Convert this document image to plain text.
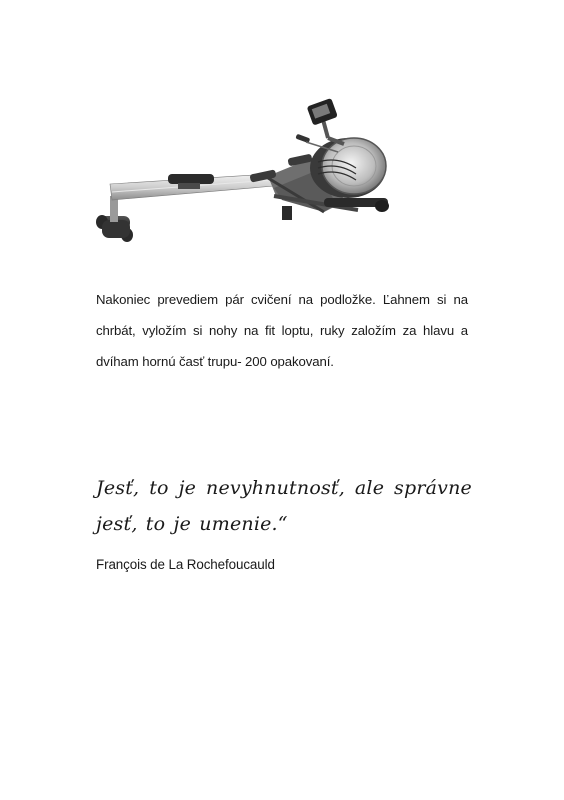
Nakoniec prevediem pár cvičení na podložke. Ľahnem si na chrbát, vyložím si nohy na fit loptu, ruky založím za hlavu a dvíham hornú časť trupu- 200 opakovaní.

Jesť, to je nevyhnutnosť, ale správne jesť, to je umenie.“

François de La Rochefoucauld
